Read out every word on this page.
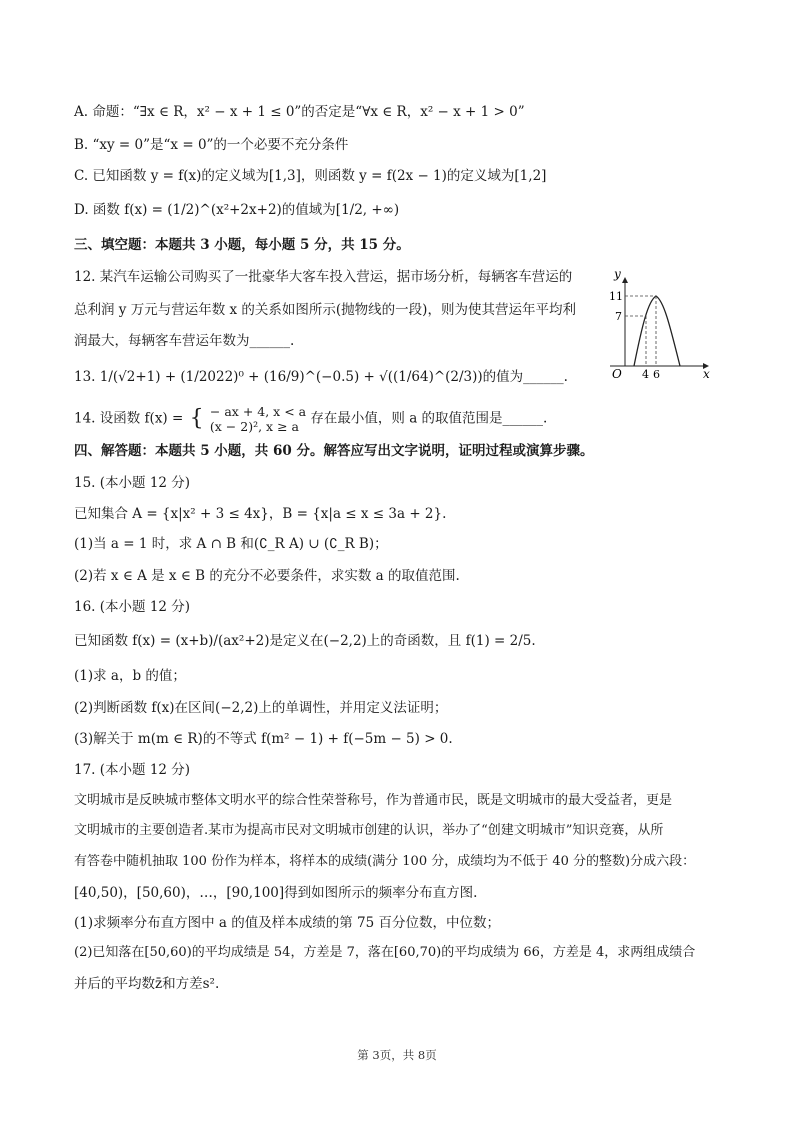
A. 命题：“∃x ∈ R，x² − x + 1 ≤ 0”的否定是“∀x ∈ R，x² − x + 1 > 0”
B. “xy = 0”是“x = 0”的一个必要不充分条件
C. 已知函数 y = f(x)的定义域为[1,3]，则函数 y = f(2x − 1)的定义域为[1,2]
D. 函数 f(x) = (1/2)^(x²+2x+2)的值域为[1/2, +∞)
三、填空题：本题共 3 小题，每小题 5 分，共 15 分。
12. 某汽车运输公司购买了一批豪华大客车投入营运，据市场分析，每辆客车营运的
总利润 y 万元与营运年数 x 的关系如图所示(抛物线的一段)，则为使其营运年平均利
润最大，每辆客车营运年数为______.
y
x
O
11
7
4 6
13. 1/(√2+1) + (1/2022)⁰ + (16/9)^(−0.5) + √((1/64)^(2/3))的值为______.
14. 设函数 f(x) = { − ax + 4, x < a
(x − 2)², x ≥ a 存在最小值，则 a 的取值范围是______.
四、解答题：本题共 5 小题，共 60 分。解答应写出文字说明，证明过程或演算步骤。
15. (本小题 12 分)
已知集合 A = {x|x² + 3 ≤ 4x}，B = {x|a ≤ x ≤ 3a + 2}.
(1)当 a = 1 时，求 A ∩ B 和(∁_R A) ∪ (∁_R B)；
(2)若 x ∈ A 是 x ∈ B 的充分不必要条件，求实数 a 的取值范围.
16. (本小题 12 分)
已知函数 f(x) = (x+b)/(ax²+2)是定义在(−2,2)上的奇函数，且 f(1) = 2/5.
(1)求 a，b 的值；
(2)判断函数 f(x)在区间(−2,2)上的单调性，并用定义法证明；
(3)解关于 m(m ∈ R)的不等式 f(m² − 1) + f(−5m − 5) > 0.
17. (本小题 12 分)
文明城市是反映城市整体文明水平的综合性荣誉称号，作为普通市民，既是文明城市的最大受益者，更是
文明城市的主要创造者.某市为提高市民对文明城市创建的认识，举办了“创建文明城市”知识竞赛，从所
有答卷中随机抽取 100 份作为样本，将样本的成绩(满分 100 分，成绩均为不低于 40 分的整数)分成六段：
[40,50)，[50,60)，…，[90,100]得到如图所示的频率分布直方图.
(1)求频率分布直方图中 a 的值及样本成绩的第 75 百分位数，中位数；
(2)已知落在[50,60)的平均成绩是 54，方差是 7，落在[60,70)的平均成绩为 66，方差是 4，求两组成绩合
并后的平均数z̄和方差s².
第 3页，共 8页
